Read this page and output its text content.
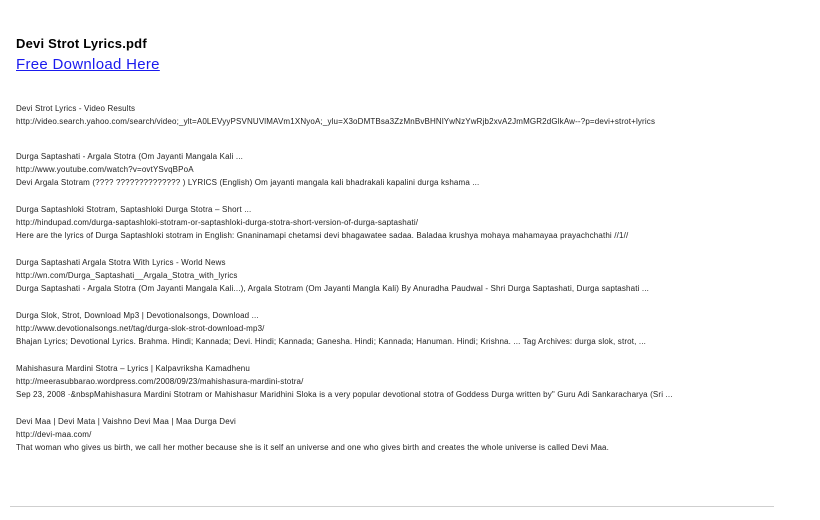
Devi Strot Lyrics.pdf
Free Download Here
Devi Strot Lyrics - Video Results
http://video.search.yahoo.com/search/video;_ylt=A0LEVyyPSVNUVlMAVm1XNyoA;_ylu=X3oDMTBsa3ZzMnBvBHNlYwNzYwRjb2xvA2JmMGR2dGlkAw--?p=devi+strot+lyrics
Durga Saptashati - Argala Stotra (Om Jayanti Mangala Kali ...
http://www.youtube.com/watch?v=ovtYSvqBPoA
Devi Argala Stotram (???? ?????????????? ) LYRICS (English) Om jayanti mangala kali bhadrakali kapalini durga kshama ...
Durga Saptashloki Stotram, Saptashloki Durga Stotra – Short ...
http://hindupad.com/durga-saptashloki-stotram-or-saptashloki-durga-stotra-short-version-of-durga-saptashati/
Here are the lyrics of Durga Saptashloki stotram in English: Gnaninamapi chetamsi devi bhagawatee sadaa. Baladaa krushya mohaya mahamayaa prayachchathi //1//
Durga Saptashati Argala Stotra With Lyrics - World News
http://wn.com/Durga_Saptashati__Argala_Stotra_with_lyrics
Durga Saptashati - Argala Stotra (Om Jayanti Mangala Kali...), Argala Stotram (Om Jayanti Mangla Kali) By Anuradha Paudwal - Shri Durga Saptashati, Durga saptashati ...
Durga Slok, Strot, Download Mp3 | Devotionalsongs, Download ...
http://www.devotionalsongs.net/tag/durga-slok-strot-download-mp3/
Bhajan Lyrics; Devotional Lyrics. Brahma. Hindi; Kannada; Devi. Hindi; Kannada; Ganesha. Hindi; Kannada; Hanuman. Hindi; Krishna. ... Tag Archives: durga slok, strot, ...
Mahishasura Mardini Stotra – Lyrics | Kalpavriksha Kamadhenu
http://meerasubbarao.wordpress.com/2008/09/23/mahishasura-mardini-stotra/
Sep 23, 2008 ·&nbspMahishasura Mardini Stotram or Mahishasur Maridhini Sloka is a very popular devotional stotra of Goddess Durga written by" Guru Adi Sankaracharya (Sri ...
Devi Maa | Devi Mata | Vaishno Devi Maa | Maa Durga Devi
http://devi-maa.com/
That woman who gives us birth, we call her mother because she is it self an universe and one who gives birth and creates the whole universe is called Devi Maa.
